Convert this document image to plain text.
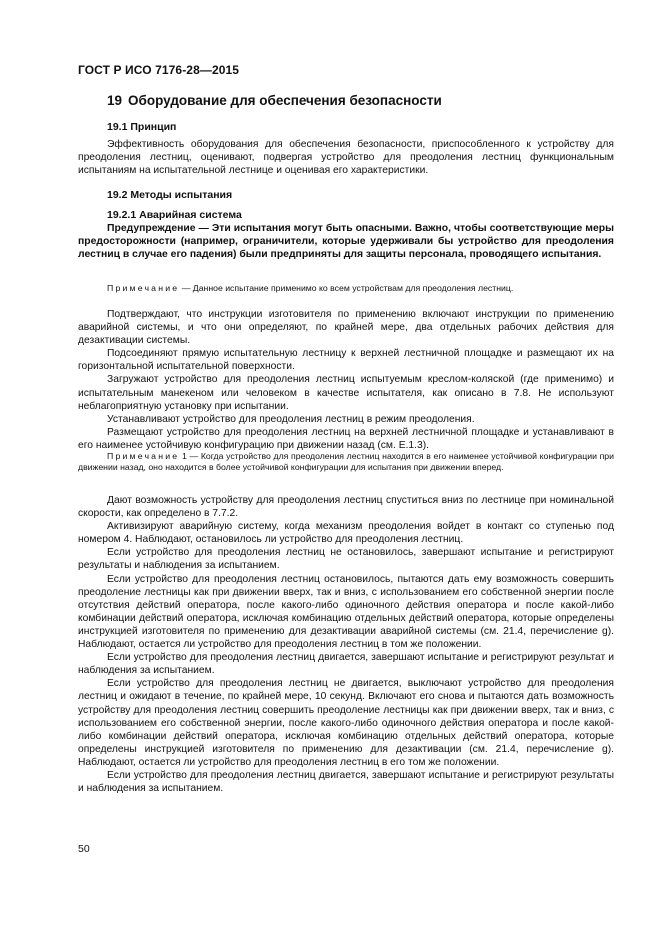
ГОСТ Р ИСО 7176-28—2015
19 Оборудование для обеспечения безопасности
19.1 Принцип

Эффективность оборудования для обеспечения безопасности, приспособленного к устройству для преодоления лестниц, оценивают, подвергая устройство для преодоления лестниц функциональным испытаниям на испытательной лестнице и оценивая его характеристики.

19.2 Методы испытания
19.2.1 Аварийная система

Предупреждение — Эти испытания могут быть опасными. Важно, чтобы соответствующие меры предосторожности (например, ограничители, которые удерживали бы устройство для преодоления лестниц в случае его падения) были предприняты для защиты персонала, проводящего испытания.

Примечание — Данное испытание применимо ко всем устройствам для преодоления лестниц.

Подтверждают, что инструкции изготовителя по применению включают инструкции по применению аварийной системы, и что они определяют, по крайней мере, два отдельных рабочих действия для дезактивации системы.

Подсоединяют прямую испытательную лестницу к верхней лестничной площадке и размещают их на горизонтальной испытательной поверхности.

Загружают устройство для преодоления лестниц испытуемым креслом-коляской (где применимо) и испытательным манекеном или человеком в качестве испытателя, как описано в 7.8. Не используют неблагоприятную установку при испытании.

Устанавливают устройство для преодоления лестниц в режим преодоления.

Размещают устройство для преодоления лестниц на верхней лестничной площадке и устанавливают в его наименее устойчивую конфигурацию при движении назад (см. Е.1.3).

Примечание 1 — Когда устройство для преодоления лестниц находится в его наименее устойчивой конфигурации при движении назад, оно находится в более устойчивой конфигурации для испытания при движении вперед.

Дают возможность устройству для преодоления лестниц спуститься вниз по лестнице при номинальной скорости, как определено в 7.7.2.

Активизируют аварийную систему, когда механизм преодоления войдет в контакт со ступенью под номером 4. Наблюдают, остановилось ли устройство для преодоления лестниц.

Если устройство для преодоления лестниц не остановилось, завершают испытание и регистрируют результаты и наблюдения за испытанием.

Если устройство для преодоления лестниц остановилось, пытаются дать ему возможность совершить преодоление лестницы как при движении вверх, так и вниз, с использованием его собственной энергии после отсутствия действий оператора, после какого-либо одиночного действия оператора и после какой-либо комбинации действий оператора, исключая комбинацию отдельных действий оператора, которые определены инструкцией изготовителя по применению для дезактивации аварийной системы (см. 21.4, перечисление g). Наблюдают, остается ли устройство для преодоления лестниц в том же положении.

Если устройство для преодоления лестниц двигается, завершают испытание и регистрируют результат и наблюдения за испытанием.

Если устройство для преодоления лестниц не двигается, выключают устройство для преодоления лестниц и ожидают в течение, по крайней мере, 10 секунд. Включают его снова и пытаются дать возможность устройству для преодоления лестниц совершить преодоление лестницы как при движении вверх, так и вниз, с использованием его собственной энергии, после какого-либо одиночного действия оператора и после какой-либо комбинации действий оператора, исключая комбинацию отдельных действий оператора, которые определены инструкцией изготовителя по применению для дезактивации (см. 21.4, перечисление g). Наблюдают, остается ли устройство для преодоления лестниц в его том же положении.

Если устройство для преодоления лестниц двигается, завершают испытание и регистрируют результаты и наблюдения за испытанием.

50
